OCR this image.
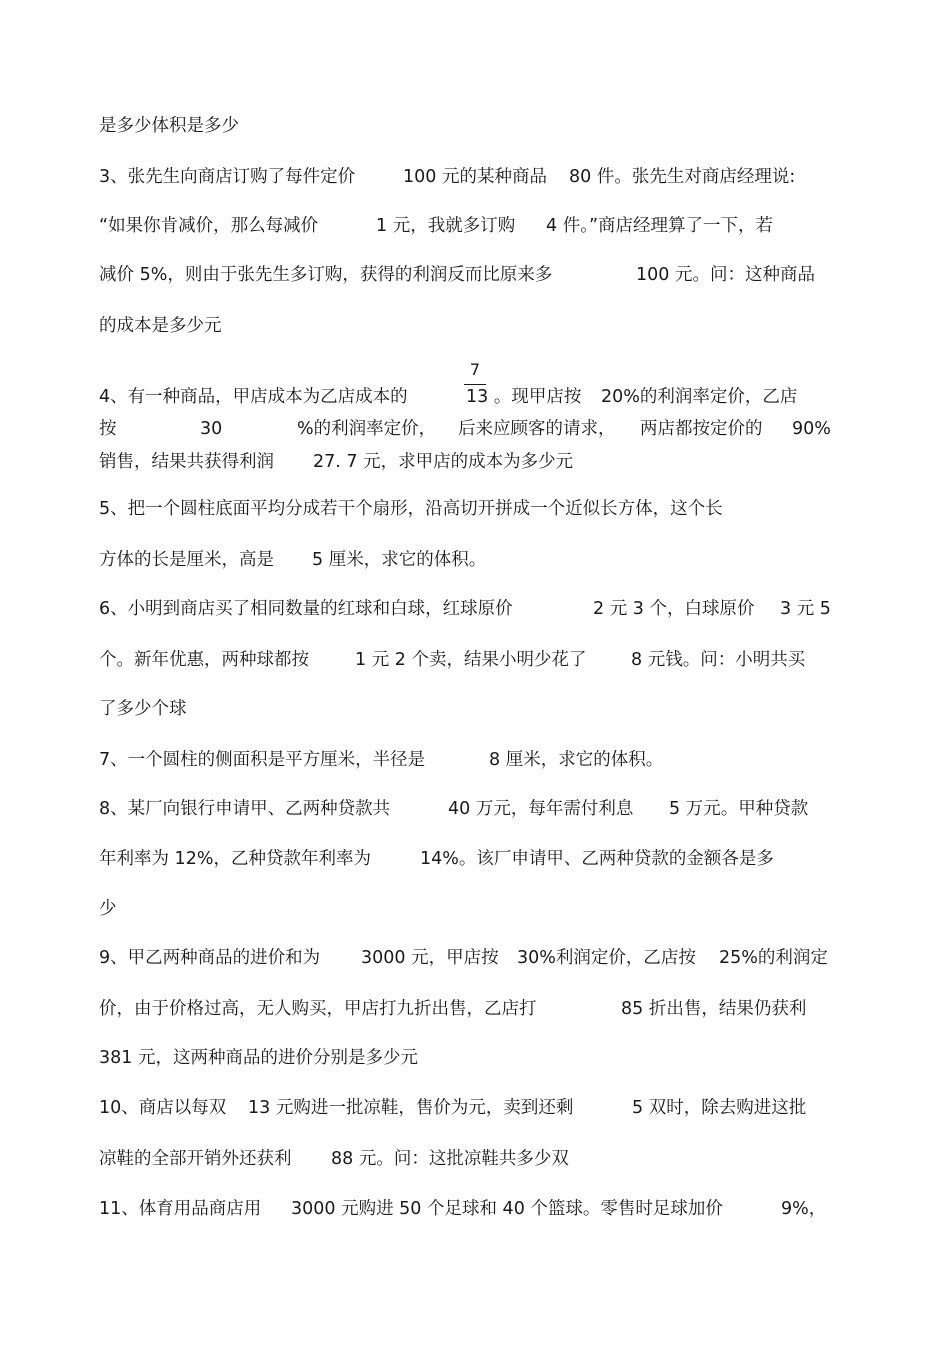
是多少体积是多少
3、张先生向商店订购了每件定价	100 元的某种商品 80 件。张先生对商店经理说:
“如果你肯减价，那么每减价	1 元，我就多订购 4 件。”商店经理算了一下，若
减价 5%，则由于张先生多订购，获得的利润反而比原来多	100 元。问：这种商品
的成本是多少元
7
4、有一种商品，甲店成本为乙店成本的	13 。现甲店按 20%的利润率定价，乙店
按	30	%的利润率定价， 后来应顾客的请求， 两店都按定价的 90%
销售，结果共获得利润 27. 7 元，求甲店的成本为多少元
5、把一个圆柱底面平均分成若干个扇形，沿高切开拼成一个近似长方体，这个长
方体的长是厘米，高是 5 厘米，求它的体积。
6、小明到商店买了相同数量的红球和白球，红球原价	2 元 3 个，白球原价 3 元 5
个。新年优惠，两种球都按	1 元 2 个卖，结果小明少花了	8 元钱。问：小明共买
了多少个球
7、一个圆柱的侧面积是平方厘米，半径是	8 厘米，求它的体积。
8、某厂向银行申请甲、乙两种贷款共	40 万元，每年需付利息 5 万元。甲种贷款
年利率为 12%，乙种贷款年利率为	14%。该厂申请甲、乙两种贷款的金额各是多
少
9、甲乙两种商品的进价和为 3000 元，甲店按 30%利润定价，乙店按 25%的利润定
价，由于价格过高，无人购买，甲店打九折出售，乙店打	85 折出售，结果仍获利
381 元，这两种商品的进价分别是多少元
10、商店以每双 13 元购进一批凉鞋，售价为元，卖到还剩	5 双时，除去购进这批
凉鞋的全部开销外还获利 88 元。问：这批凉鞋共多少双
11、体育用品商店用 3000 元购进 50 个足球和 40 个篮球。零售时足球加价	9%，
